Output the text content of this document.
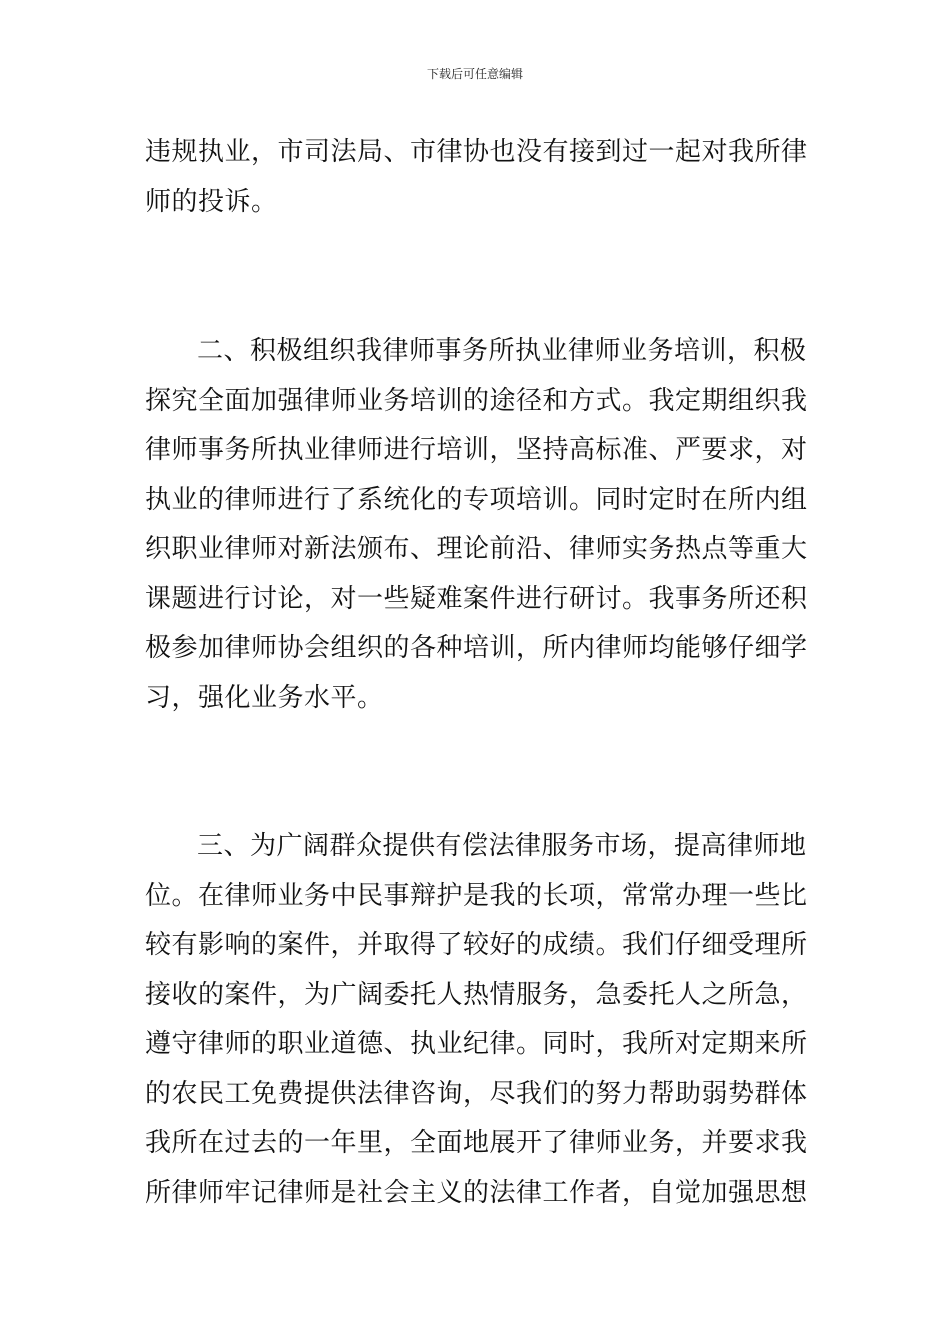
下载后可任意编辑

违规执业，市司法局、市律协也没有接到过一起对我所律
师的投诉。

二、积极组织我律师事务所执业律师业务培训，积极
探究全面加强律师业务培训的途径和方式。我定期组织我
律师事务所执业律师进行培训，坚持高标准、严要求，对
执业的律师进行了系统化的专项培训。同时定时在所内组
织职业律师对新法颁布、理论前沿、律师实务热点等重大
课题进行讨论，对一些疑难案件进行研讨。我事务所还积
极参加律师协会组织的各种培训，所内律师均能够仔细学
习，强化业务水平。

三、为广阔群众提供有偿法律服务市场，提高律师地
位。在律师业务中民事辩护是我的长项，常常办理一些比
较有影响的案件，并取得了较好的成绩。我们仔细受理所
接收的案件，为广阔委托人热情服务，急委托人之所急，
遵守律师的职业道德、执业纪律。同时，我所对定期来所
的农民工免费提供法律咨询，尽我们的努力帮助弱势群体
我所在过去的一年里，全面地展开了律师业务，并要求我
所律师牢记律师是社会主义的法律工作者，自觉加强思想
